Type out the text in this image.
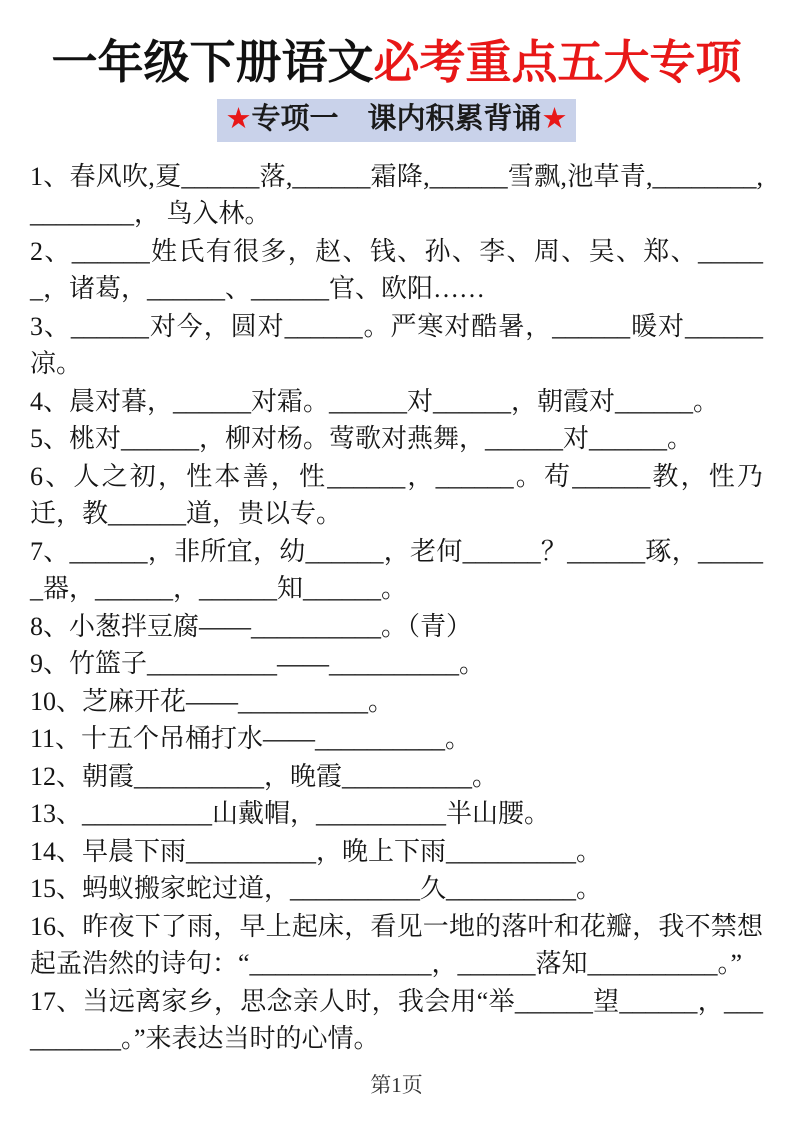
一年级下册语文必考重点五大专项
★专项一　课内积累背诵★

1、春风吹,夏______落,______霜降,______雪飘,池草青,________,________， 鸟入林。

2、______姓氏有很多，赵、钱、孙、李、周、吴、郑、______，诸葛，______、______官、欧阳……

3、______对今，圆对______。严寒对酷暑，______暖对______凉。

4、晨对暮，______对霜。______对______，朝霞对______。

5、桃对______，柳对杨。莺歌对燕舞，______对______。

6、人之初，性本善，性______，______。苟______教，性乃迁，教______道，贵以专。

7、______，非所宜，幼______，老何______？______琢，______器，______，______知______。

8、小葱拌豆腐——__________。（青）

9、竹篮子__________——__________。

10、芝麻开花——__________。

11、十五个吊桶打水——__________。

12、朝霞__________，晚霞__________。

13、__________山戴帽，__________半山腰。

14、早晨下雨__________，晚上下雨__________。

15、蚂蚁搬家蛇过道，__________久__________。

16、昨夜下了雨，早上起床，看见一地的落叶和花瓣，我不禁想起孟浩然的诗句：“______________，______落知__________。”

17、当远离家乡，思念亲人时，我会用“举______望______，__________。”来表达当时的心情。

第1页
